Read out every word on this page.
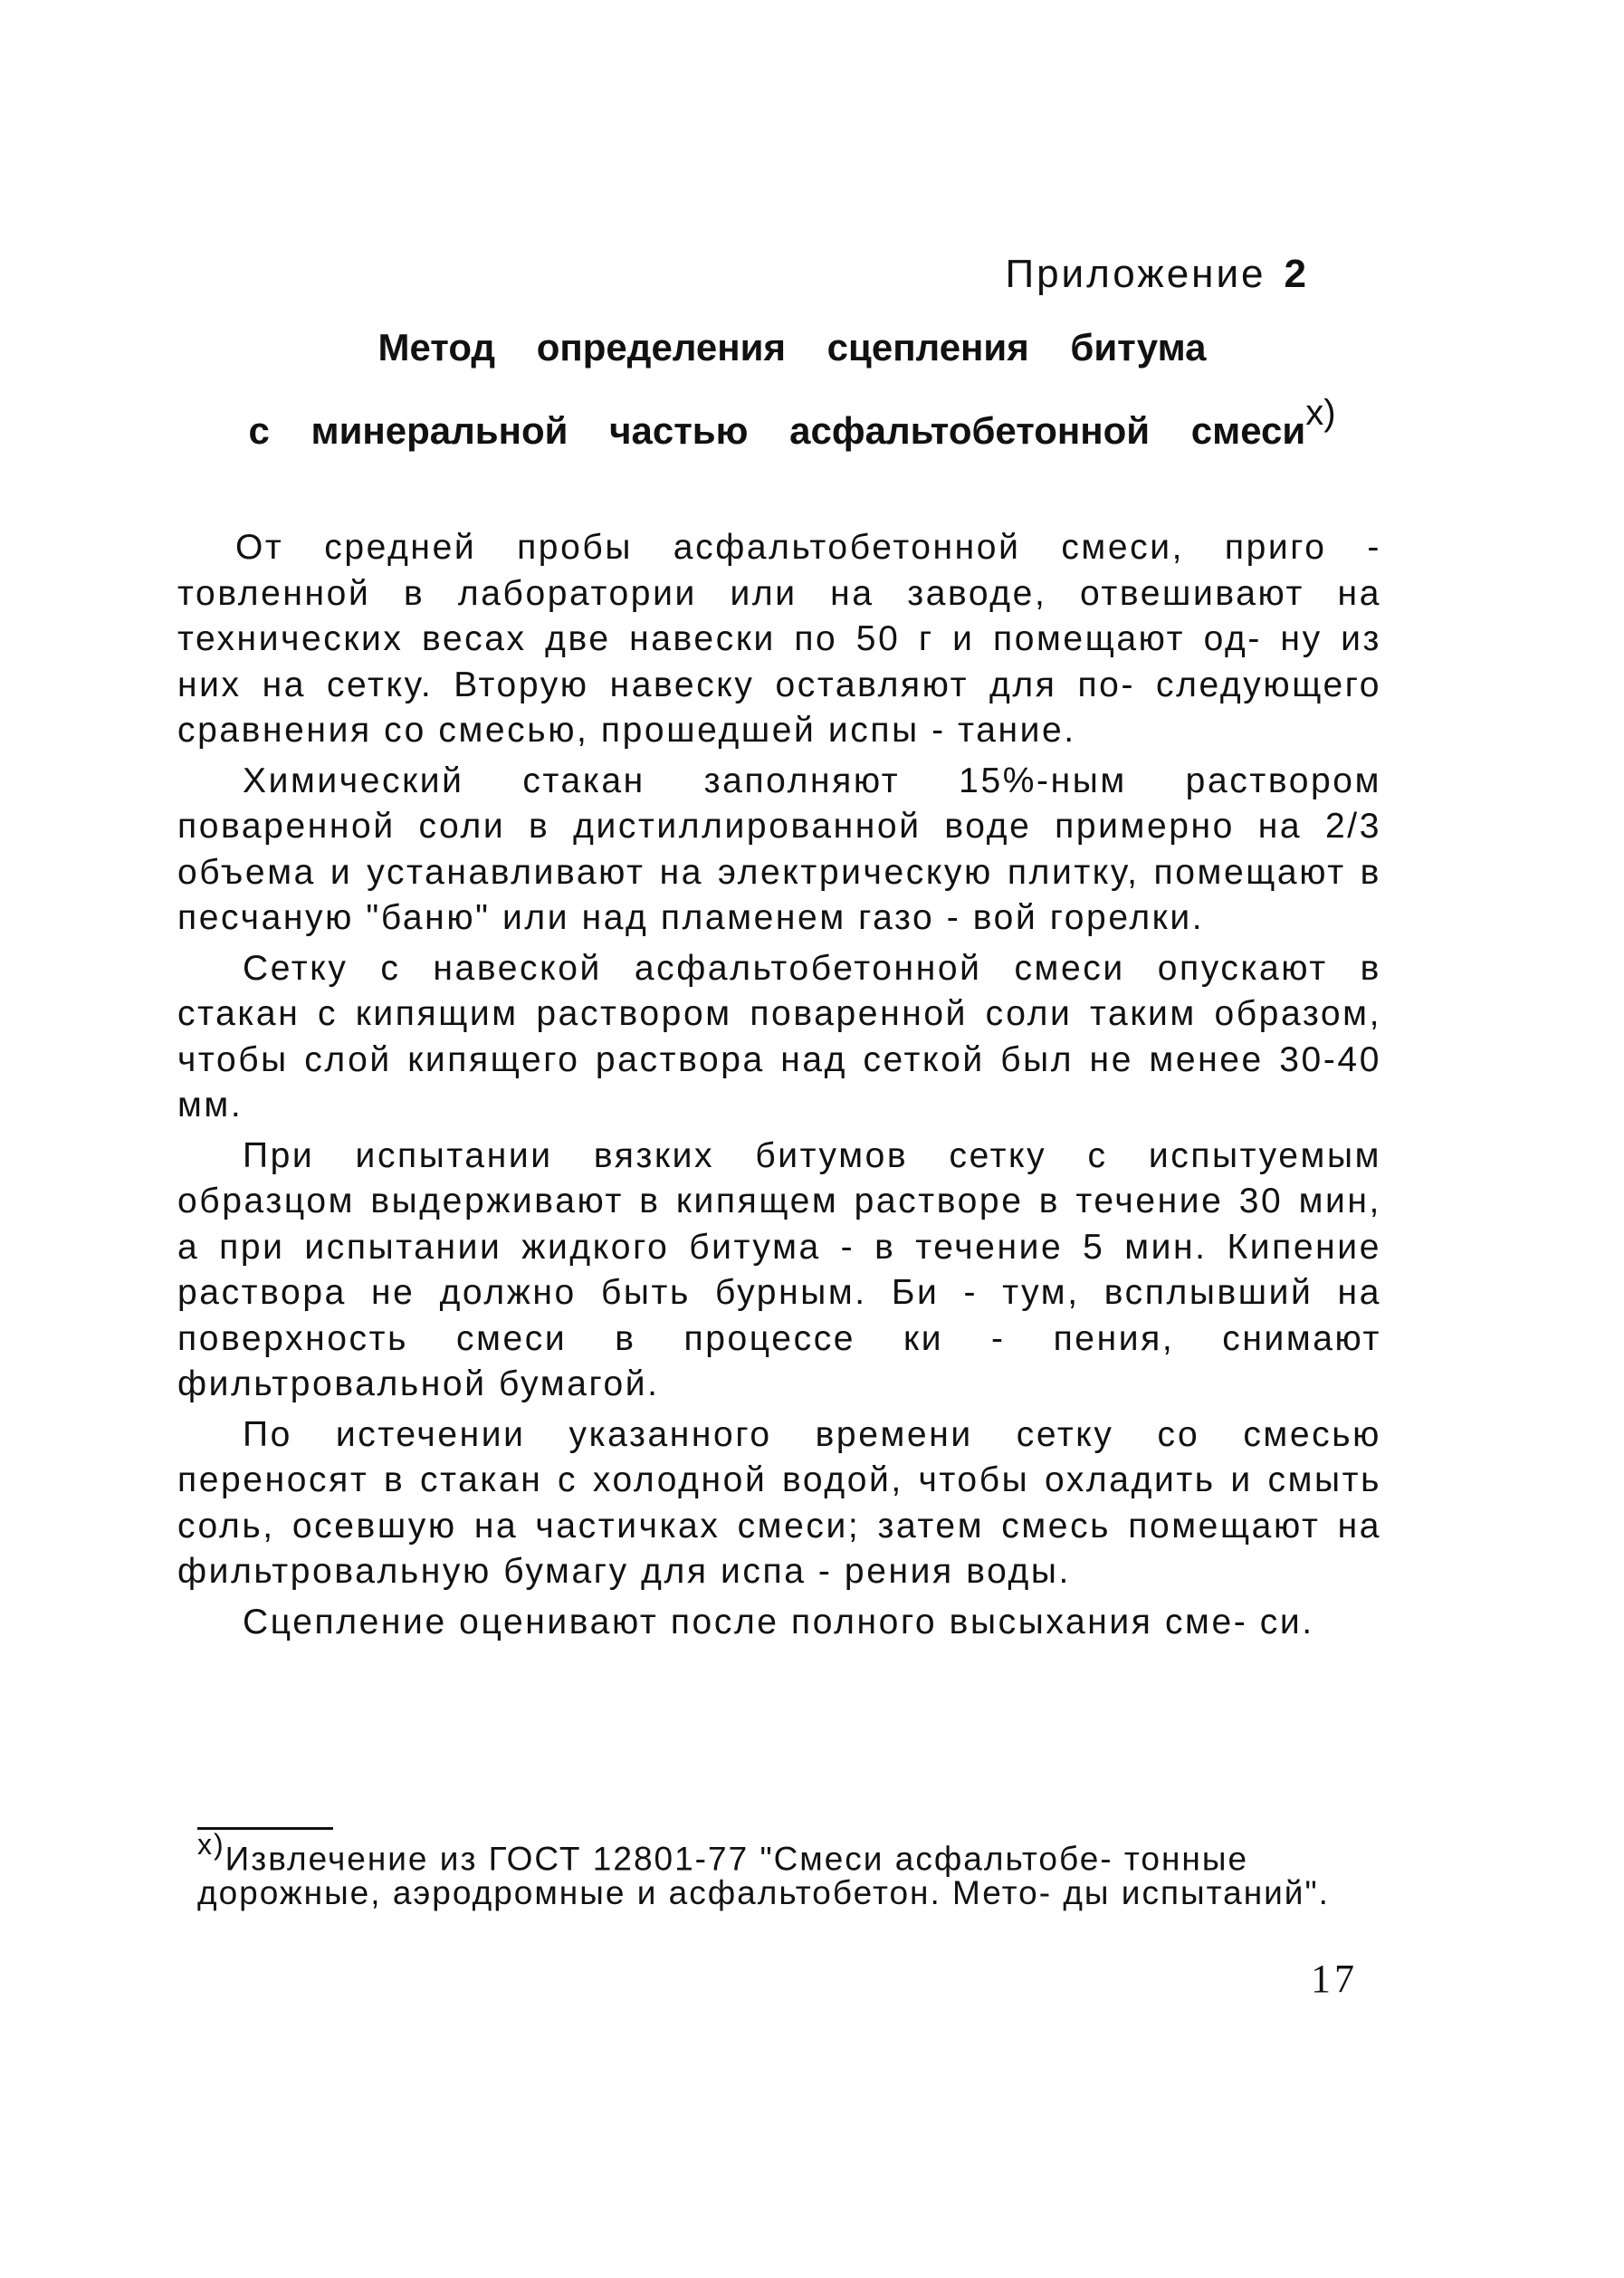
Приложение 2
Метод определения сцепления битума
с минеральной частью асфальтобетонной смеси$^{х)}$

От средней пробы асфальтобетонной смеси, приго - товленной в лаборатории или на заводе, отвешивают на технических весах две навески по 50 г и помещают од- ну из них на сетку. Вторую навеску оставляют для по- следующего сравнения со смесью, прошедшей испы - тание.

Химический стакан заполняют 15%-ным раствором поваренной соли в дистиллированной воде примерно на 2/3 объема и устанавливают на электрическую плитку, помещают в песчаную "баню" или над пламенем газо - вой горелки.

Сетку с навеской асфальтобетонной смеси опускают в стакан с кипящим раствором поваренной соли таким образом, чтобы слой кипящего раствора над сеткой был не менее 30-40 мм.

При испытании вязких битумов сетку с испытуемым образцом выдерживают в кипящем растворе в течение 30 мин, а при испытании жидкого битума - в течение 5 мин. Кипение раствора не должно быть бурным. Би - тум, всплывший на поверхность смеси в процессе ки - пения, снимают фильтровальной бумагой.

По истечении указанного времени сетку со смесью переносят в стакан с холодной водой, чтобы охладить и смыть соль, осевшую на частичках смеси; затем смесь помещают на фильтровальную бумагу для испа - рения воды.

Сцепление оценивают после полного высыхания сме- си.

$^{х)}$Извлечение из ГОСТ 12801-77 "Смеси асфальтобе- тонные дорожные, аэродромные и асфальтобетон. Мето- ды испытаний".
17
